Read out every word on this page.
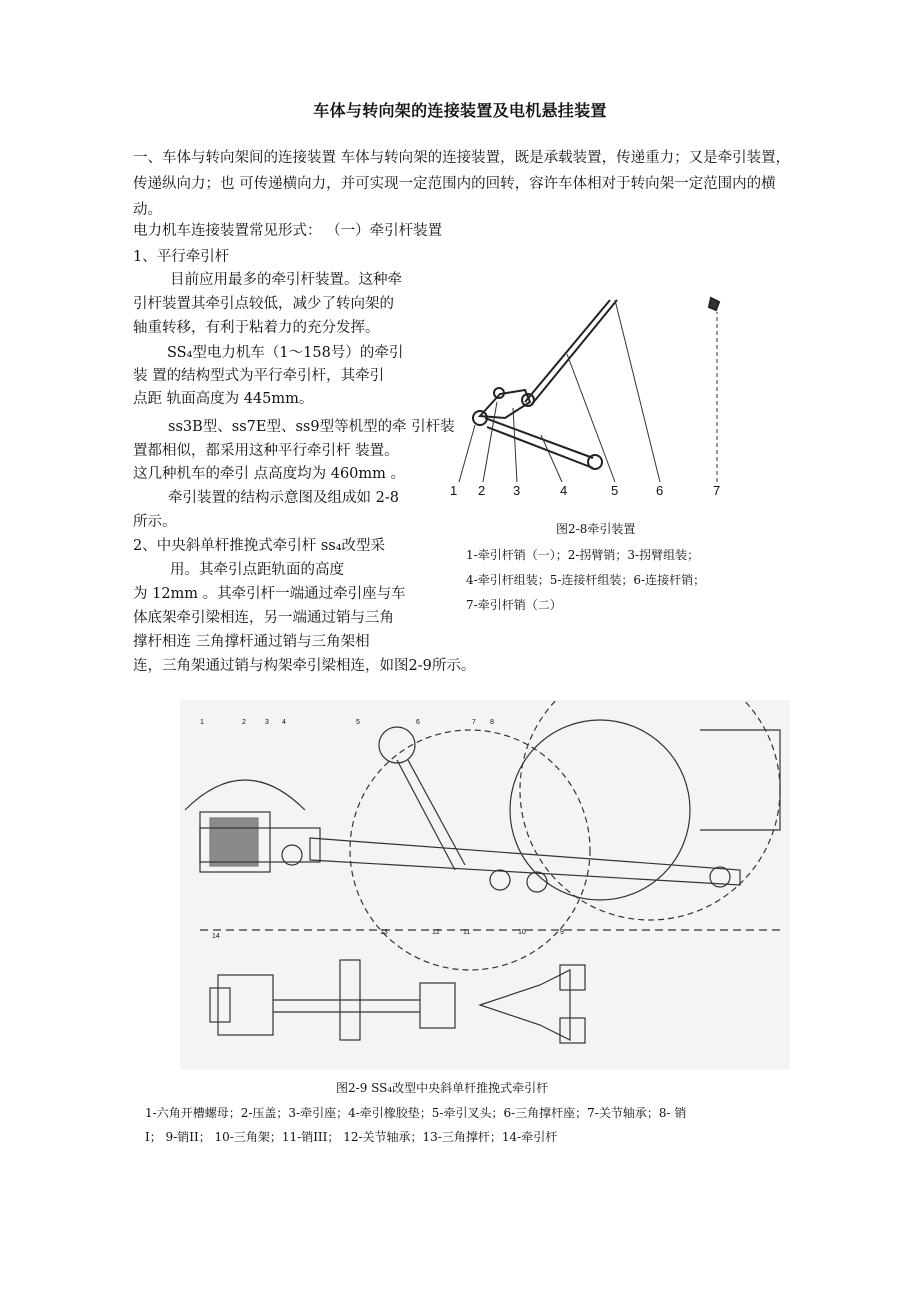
车体与转向架的连接装置及电机悬挂装置
一、车体与转向架间的连接装置 车体与转向架的连接装置，既是承载装置，传递重力；又是牵引装置，传递纵向力；也 可传递横向力，并可实现一定范围内的回转，容许车体相对于转向架一定范围内的横动。
电力机车连接装置常见形式： （一）牵引杆装置
1、平行牵引杆
目前应用最多的牵引杆装置。这种牵
引杆装置其牵引点较低，减少了转向架的
轴重转移，有利于粘着力的充分发挥。
SS₄型电力机车（1～158号）的牵引
装 置的结构型式为平行牵引杆，其牵引
点距 轨面高度为 445mm。
ss3B型、ss7E型、ss9型等机型的牵 引杆装
置都相似，都采用这种平行牵引杆 装置。
这几种机车的牵引 点高度均为 460mm 。
牵引装置的结构示意图及组成如 2-8
所示。
2、中央斜单杆推挽式牵引杆 ss₄改型采
用。其牵引点距轨面的高度
为 12mm 。其牵引杆一端通过牵引座与车
体底架牵引梁相连，另一端通过销与三角
撑杆相连 三角撑杆通过销与三角架相
连，三角架通过销与构架牵引梁相连，如图2-9所示。
1 2 3	4	5	6	7
图2-8牵引装置
1-牵引杆销（一）；2-拐臂销；3-拐臂组装；
4-牵引杆组装；5-连接杆组装；6-连接杆销；
7-牵引杆销（二）
1	2	3 4	5	6	7 8
14
13	12	11	10	9
图2-9 SS₄改型中央斜单杆推挽式牵引杆
1-六角开槽螺母；2-压盖；3-牵引座；4-牵引橡胶垫；5-牵引叉头；6-三角撑杆座；7-关节轴承；8- 销
Ⅰ； 9-销II； 10-三角架；11-销III； 12-关节轴承；13-三角撑杆；14-牵引杆
